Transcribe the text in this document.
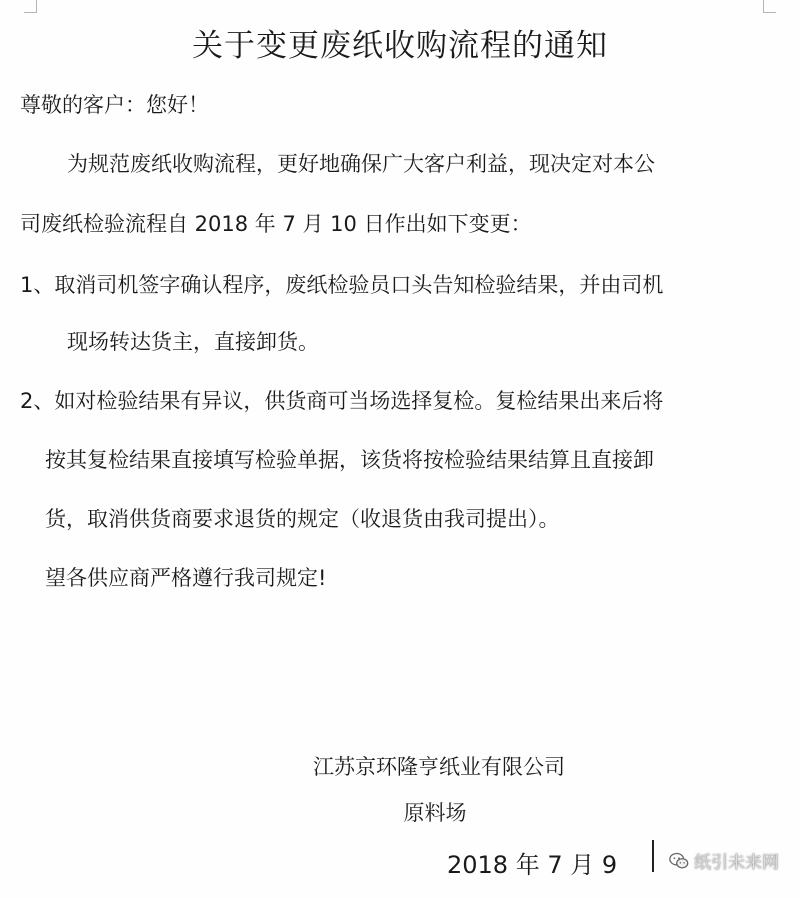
关于变更废纸收购流程的通知
尊敬的客户：您好！
为规范废纸收购流程，更好地确保广大客户利益，现决定对本公
司废纸检验流程自 2018 年 7 月 10 日作出如下变更：
1、取消司机签字确认程序，废纸检验员口头告知检验结果，并由司机
现场转达货主，直接卸货。
2、如对检验结果有异议，供货商可当场选择复检。复检结果出来后将
按其复检结果直接填写检验单据，该货将按检验结果结算且直接卸
货，取消供货商要求退货的规定（收退货由我司提出）。
望各供应商严格遵行我司规定!
江苏京环隆亨纸业有限公司
原料场
2018 年 7 月 9	纸引未来网
